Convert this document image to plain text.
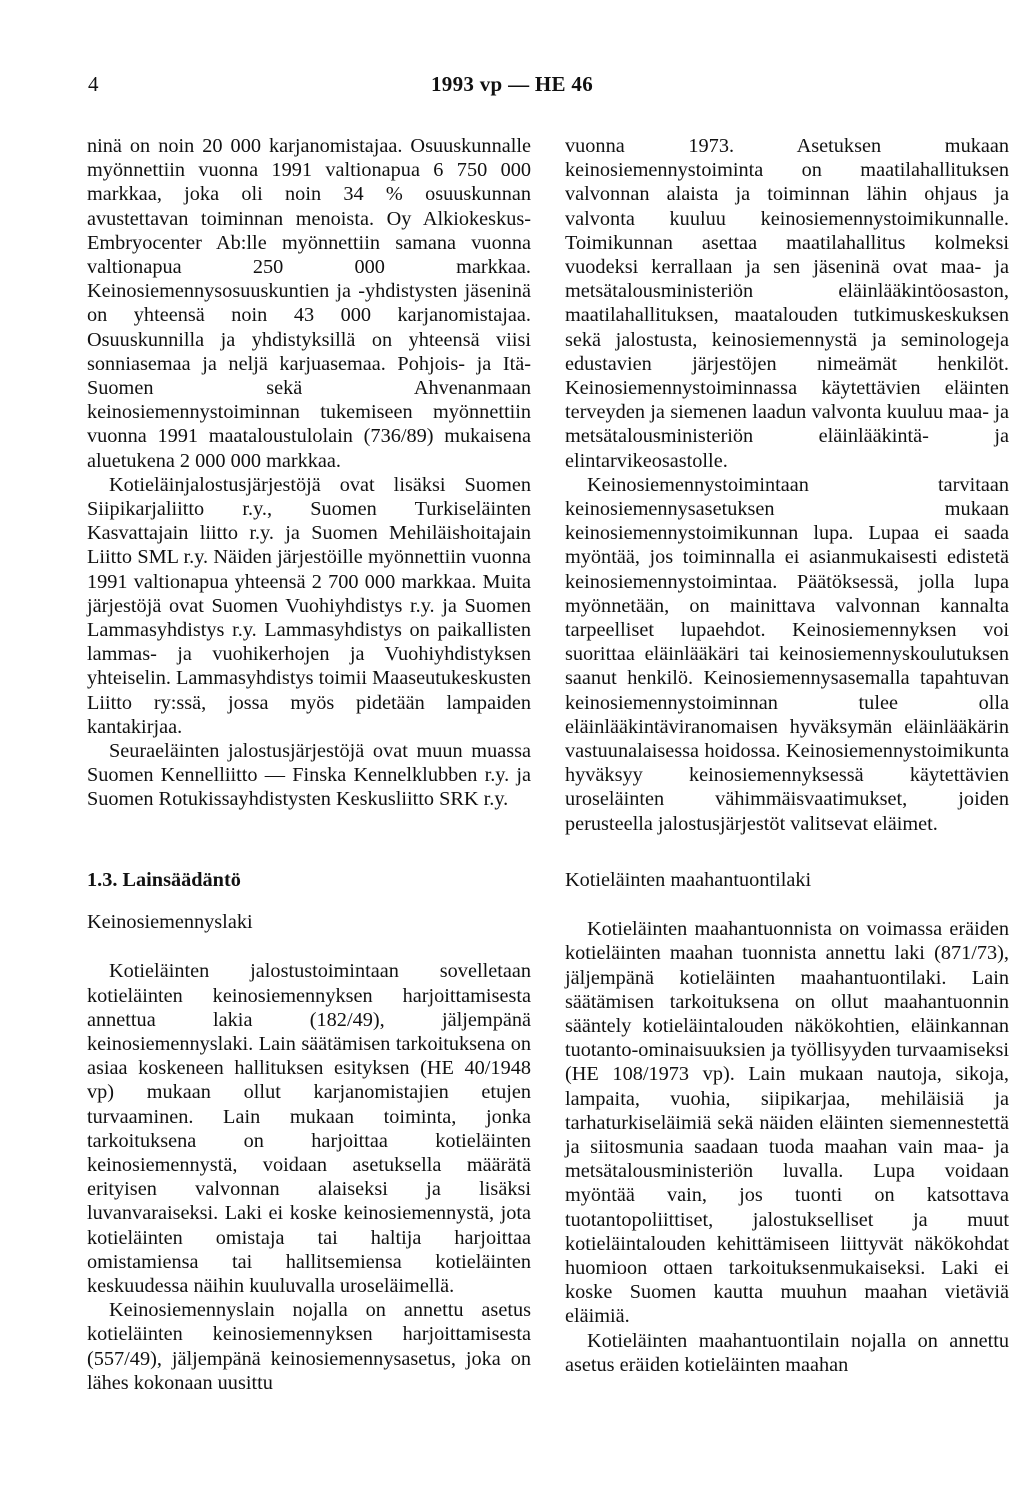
4	1993 vp — HE 46

ninä on noin 20 000 karjanomistajaa. Osuuskunnalle myönnettiin vuonna 1991 valtionapua 6 750 000 markkaa, joka oli noin 34 % osuuskunnan avustettavan toiminnan menoista. Oy Alkiokeskus-Embryocenter Ab:lle myönnettiin samana vuonna valtionapua 250 000 markkaa. Keinosiemennysosuuskuntien ja -yhdistysten jäseninä on yhteensä noin 43 000 karjanomistajaa. Osuuskunnilla ja yhdistyksillä on yhteensä viisi sonniasemaa ja neljä karjuasemaa. Pohjois- ja Itä-Suomen sekä Ahvenanmaan keinosiemennystoiminnan tukemiseen myönnettiin vuonna 1991 maataloustulolain (736/89) mukaisena aluetukena 2 000 000 markkaa.

Kotieläinjalostusjärjestöjä ovat lisäksi Suomen Siipikarjaliitto r.y., Suomen Turkiseläinten Kasvattajain liitto r.y. ja Suomen Mehiläishoitajain Liitto SML r.y. Näiden järjestöille myönnettiin vuonna 1991 valtionapua yhteensä 2 700 000 markkaa. Muita järjestöjä ovat Suomen Vuohiyhdistys r.y. ja Suomen Lammasyhdistys r.y. Lammasyhdistys on paikallisten lammas- ja vuohikerhojen ja Vuohiyhdistyksen yhteiselin. Lammasyhdistys toimii Maaseutukeskusten Liitto ry:ssä, jossa myös pidetään lampaiden kantakirjaa.

Seuraeläinten jalostusjärjestöjä ovat muun muassa Suomen Kennelliitto — Finska Kennelklubben r.y. ja Suomen Rotukissayhdistysten Keskusliitto SRK r.y.

vuonna 1973. Asetuksen mukaan keinosiemennystoiminta on maatilahallituksen valvonnan alaista ja toiminnan lähin ohjaus ja valvonta kuuluu keinosiemennystoimikunnalle. Toimikunnan asettaa maatilahallitus kolmeksi vuodeksi kerrallaan ja sen jäseninä ovat maa- ja metsätalousministeriön eläinlääkintöosaston, maatilahallituksen, maatalouden tutkimuskeskuksen sekä jalostusta, keinosiemennystä ja seminologeja edustavien järjestöjen nimeämät henkilöt. Keinosiemennystoiminnassa käytettävien eläinten terveyden ja siemenen laadun valvonta kuuluu maa- ja metsätalousministeriön eläinlääkintä- ja elintarvikeosastolle.

Keinosiemennystoimintaan tarvitaan keinosiemennysasetuksen mukaan keinosiemennystoimikunnan lupa. Lupaa ei saada myöntää, jos toiminnalla ei asianmukaisesti edistetä keinosiemennystoimintaa. Päätöksessä, jolla lupa myönnetään, on mainittava valvonnan kannalta tarpeelliset lupaehdot. Keinosiemennyksen voi suorittaa eläinlääkäri tai keinosiemennyskoulutuksen saanut henkilö. Keinosiemennysasemalla tapahtuvan keinosiemennystoiminnan tulee olla eläinlääkintäviranomaisen hyväksymän eläinlääkärin vastuunalaisessa hoidossa. Keinosiemennystoimikunta hyväksyy keinosiemennyksessä käytettävien uroseläinten vähimmäisvaatimukset, joiden perusteella jalostusjärjestöt valitsevat eläimet.

1.3. Lainsäädäntö
Keinosiemennyslaki

Kotieläinten jalostustoimintaan sovelletaan kotieläinten keinosiemennyksen harjoittamisesta annettua lakia (182/49), jäljempänä keinosiemennyslaki. Lain säätämisen tarkoituksena on asiaa koskeneen hallituksen esityksen (HE 40/1948 vp) mukaan ollut karjanomistajien etujen turvaaminen. Lain mukaan toiminta, jonka tarkoituksena on harjoittaa kotieläinten keinosiemennystä, voidaan asetuksella määrätä erityisen valvonnan alaiseksi ja lisäksi luvanvaraiseksi. Laki ei koske keinosiemennystä, jota kotieläinten omistaja tai haltija harjoittaa omistamiensa tai hallitsemiensa kotieläinten keskuudessa näihin kuuluvalla uroseläimellä.

Keinosiemennyslain nojalla on annettu asetus kotieläinten keinosiemennyksen harjoittamisesta (557/49), jäljempänä keinosiemennysasetus, joka on lähes kokonaan uusittu

Kotieläinten maahantuontilaki

Kotieläinten maahantuonnista on voimassa eräiden kotieläinten maahan tuonnista annettu laki (871/73), jäljempänä kotieläinten maahantuontilaki. Lain säätämisen tarkoituksena on ollut maahantuonnin sääntely kotieläintalouden näkökohtien, eläinkannan tuotanto-ominaisuuksien ja työllisyyden turvaamiseksi (HE 108/1973 vp). Lain mukaan nautoja, sikoja, lampaita, vuohia, siipikarjaa, mehiläisiä ja tarhaturkiseläimiä sekä näiden eläinten siemennestettä ja siitosmunia saadaan tuoda maahan vain maa- ja metsätalousministeriön luvalla. Lupa voidaan myöntää vain, jos tuonti on katsottava tuotantopoliittiset, jalostukselliset ja muut kotieläintalouden kehittämiseen liittyvät näkökohdat huomioon ottaen tarkoituksenmukaiseksi. Laki ei koske Suomen kautta muuhun maahan vietäviä eläimiä.

Kotieläinten maahantuontilain nojalla on annettu asetus eräiden kotieläinten maahan
